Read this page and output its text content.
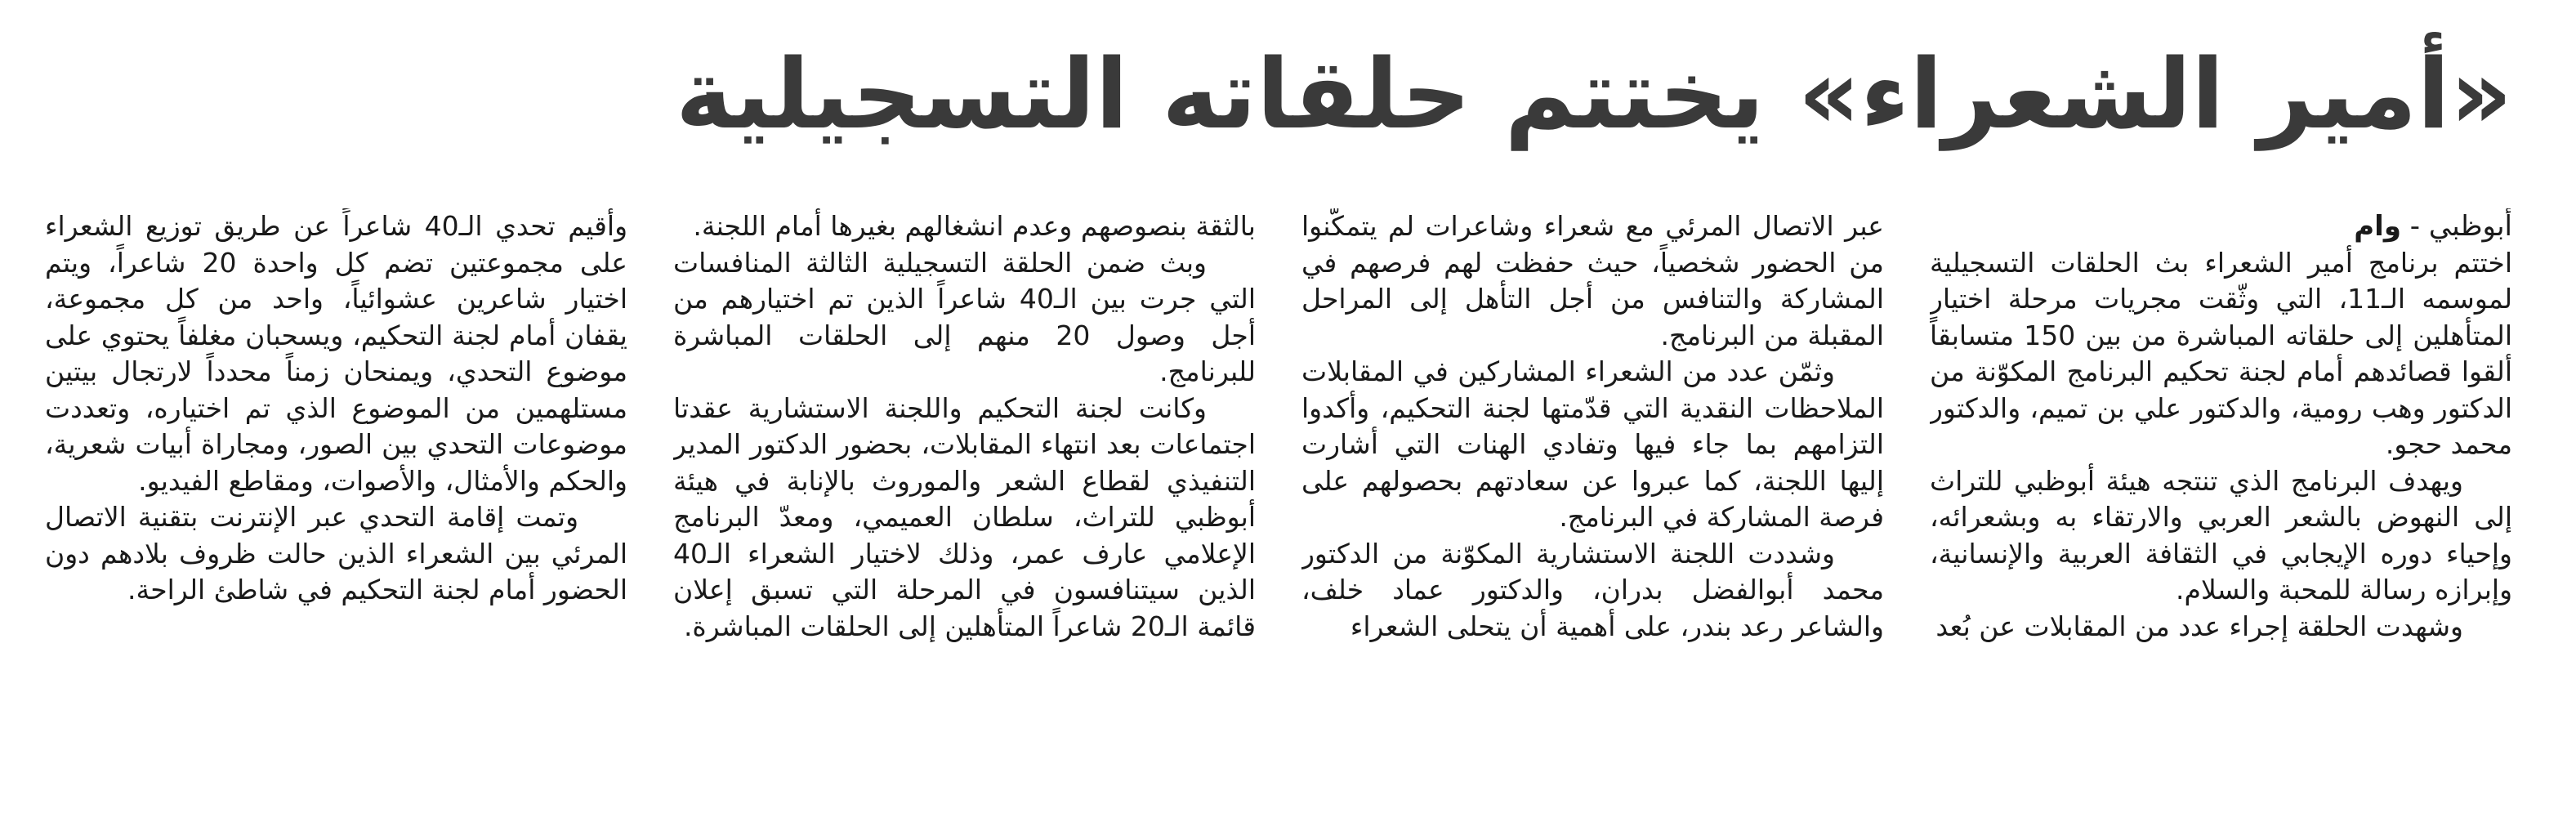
«أمير الشعراء» يختتم حلقاته التسجيلية
أبوظبي - وام

اختتم برنامج أمير الشعراء بث الحلقات التسجيلية لموسمه الـ11، التي وثّقت مجريات مرحلة اختيار المتأهلين إلى حلقاته المباشرة من بين 150 متسابقاً ألقوا قصائدهم أمام لجنة تحكيم البرنامج المكوّنة من الدكتور وهب رومية، والدكتور علي بن تميم، والدكتور محمد حجو.

ويهدف البرنامج الذي تنتجه هيئة أبوظبي للتراث إلى النهوض بالشعر العربي والارتقاء به وبشعرائه، وإحياء دوره الإيجابي في الثقافة العربية والإنسانية، وإبرازه رسالة للمحبة والسلام.

وشهدت الحلقة إجراء عدد من المقابلات عن بُعد

عبر الاتصال المرئي مع شعراء وشاعرات لم يتمكّنوا من الحضور شخصياً، حيث حفظت لهم فرصهم في المشاركة والتنافس من أجل التأهل إلى المراحل المقبلة من البرنامج.

وثمّن عدد من الشعراء المشاركين في المقابلات الملاحظات النقدية التي قدّمتها لجنة التحكيم، وأكدوا التزامهم بما جاء فيها وتفادي الهنات التي أشارت إليها اللجنة، كما عبروا عن سعادتهم بحصولهم على فرصة المشاركة في البرنامج.

وشددت اللجنة الاستشارية المكوّنة من الدكتور محمد أبوالفضل بدران، والدكتور عماد خلف، والشاعر رعد بندر، على أهمية أن يتحلى الشعراء

بالثقة بنصوصهم وعدم انشغالهم بغيرها أمام اللجنة.

وبث ضمن الحلقة التسجيلية الثالثة المنافسات التي جرت بين الـ40 شاعراً الذين تم اختيارهم من أجل وصول 20 منهم إلى الحلقات المباشرة للبرنامج.

وكانت لجنة التحكيم واللجنة الاستشارية عقدتا اجتماعات بعد انتهاء المقابلات، بحضور الدكتور المدير التنفيذي لقطاع الشعر والموروث بالإنابة في هيئة أبوظبي للتراث، سلطان العميمي، ومعدّ البرنامج الإعلامي عارف عمر، وذلك لاختيار الشعراء الـ40 الذين سيتنافسون في المرحلة التي تسبق إعلان قائمة الـ20 شاعراً المتأهلين إلى الحلقات المباشرة.

وأقيم تحدي الـ40 شاعراً عن طريق توزيع الشعراء على مجموعتين تضم كل واحدة 20 شاعراً، ويتم اختيار شاعرين عشوائياً، واحد من كل مجموعة، يقفان أمام لجنة التحكيم، ويسحبان مغلفاً يحتوي على موضوع التحدي، ويمنحان زمناً محدداً لارتجال بيتين مستلهمين من الموضوع الذي تم اختياره، وتعددت موضوعات التحدي بين الصور، ومجاراة أبيات شعرية، والحكم والأمثال، والأصوات، ومقاطع الفيديو.

وتمت إقامة التحدي عبر الإنترنت بتقنية الاتصال المرئي بين الشعراء الذين حالت ظروف بلادهم دون الحضور أمام لجنة التحكيم في شاطئ الراحة.
